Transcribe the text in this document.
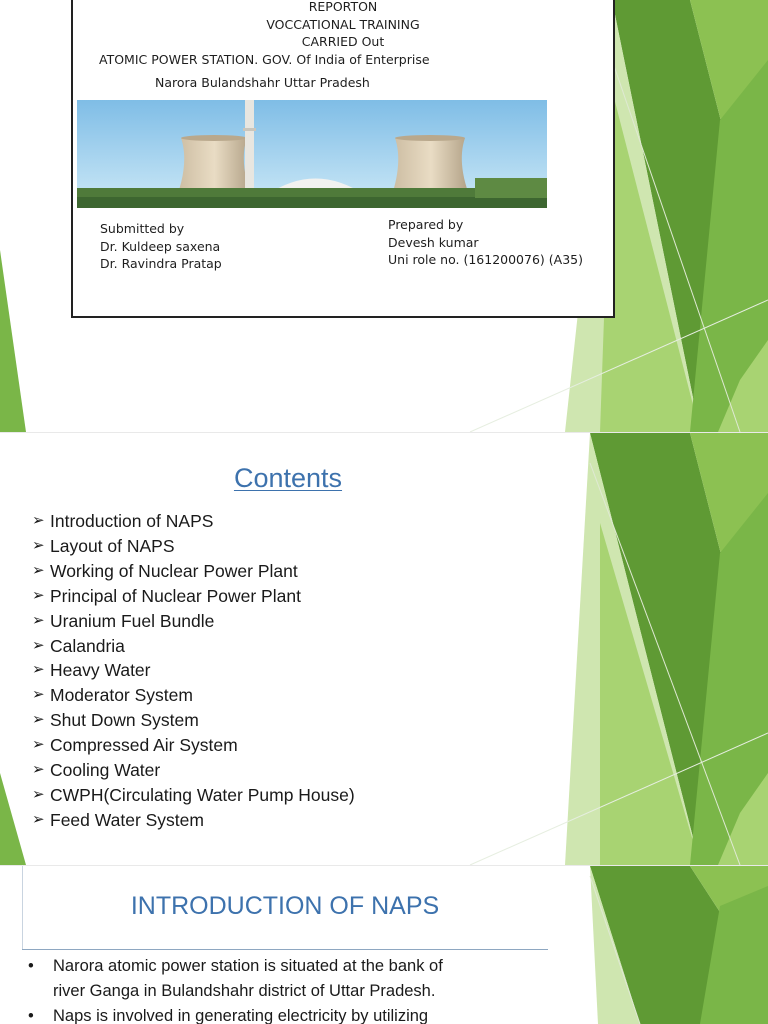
REPORTON
VOCCATIONAL TRAINING
CARRIED Out
ATOMIC POWER STATION. GOV. Of India of Enterprise
Narora Bulandshahr Uttar Pradesh
Submitted by
Dr. Kuldeep saxena
Dr. Ravindra Pratap
Prepared by
Devesh kumar
Uni role no. (161200076) (A35)
Contents
➢ Introduction of NAPS
➢ Layout of NAPS
➢ Working of Nuclear Power Plant
➢ Principal of Nuclear Power Plant
➢ Uranium Fuel Bundle
➢ Calandria
➢ Heavy Water
➢ Moderator System
➢ Shut Down System
➢ Compressed Air System
➢ Cooling Water
➢ CWPH(Circulating Water Pump House)
➢ Feed Water System
INTRODUCTION OF NAPS
• Narora atomic power station is situated at the bank of
river Ganga in Bulandshahr district of Uttar Pradesh.
• Naps is involved in generating electricity by utilizing
